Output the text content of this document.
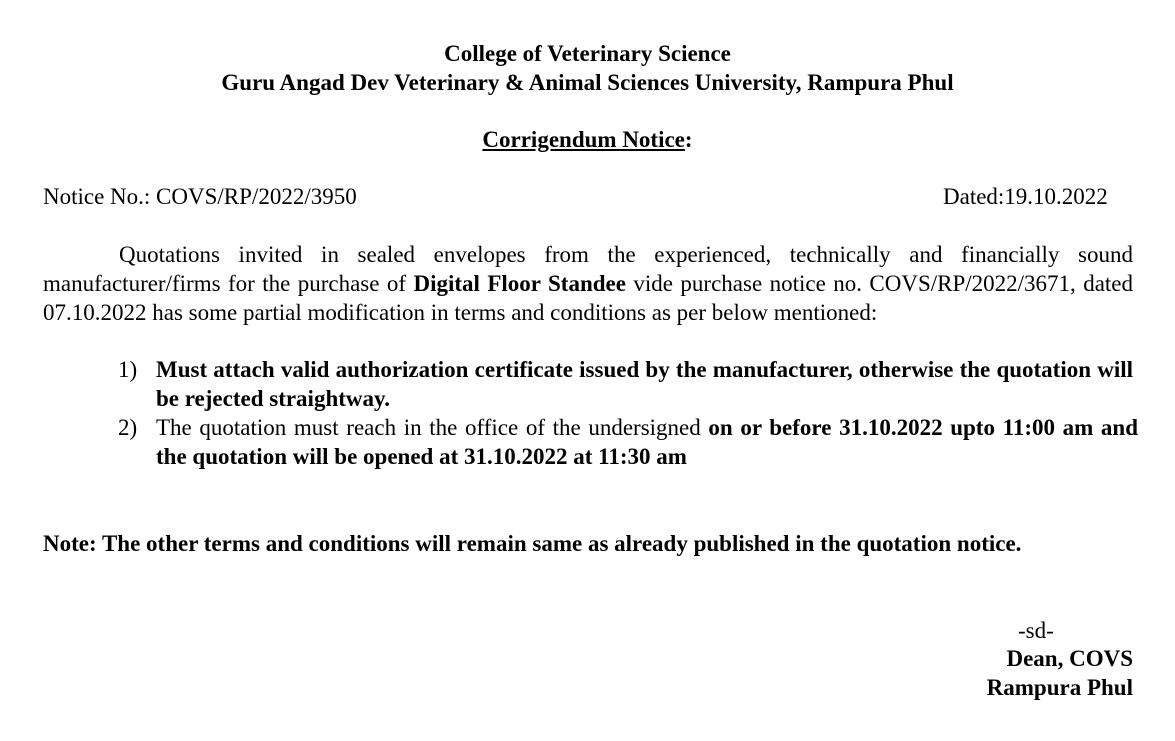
College of Veterinary Science
Guru Angad Dev Veterinary & Animal Sciences University, Rampura Phul
Corrigendum Notice:
Notice No.: COVS/RP/2022/3950	Dated:19.10.2022
Quotations invited in sealed envelopes from the experienced, technically and financially sound manufacturer/firms for the purchase of Digital Floor Standee vide purchase notice no. COVS/RP/2022/3671, dated 07.10.2022 has some partial modification in terms and conditions as per below mentioned:
1) Must attach valid authorization certificate issued by the manufacturer, otherwise the quotation will be rejected straightway.
2) The quotation must reach in the office of the undersigned on or before 31.10.2022 upto 11:00 am and the quotation will be opened at 31.10.2022 at 11:30 am
Note: The other terms and conditions will remain same as already published in the quotation notice.
-sd-
Dean, COVS
Rampura Phul
